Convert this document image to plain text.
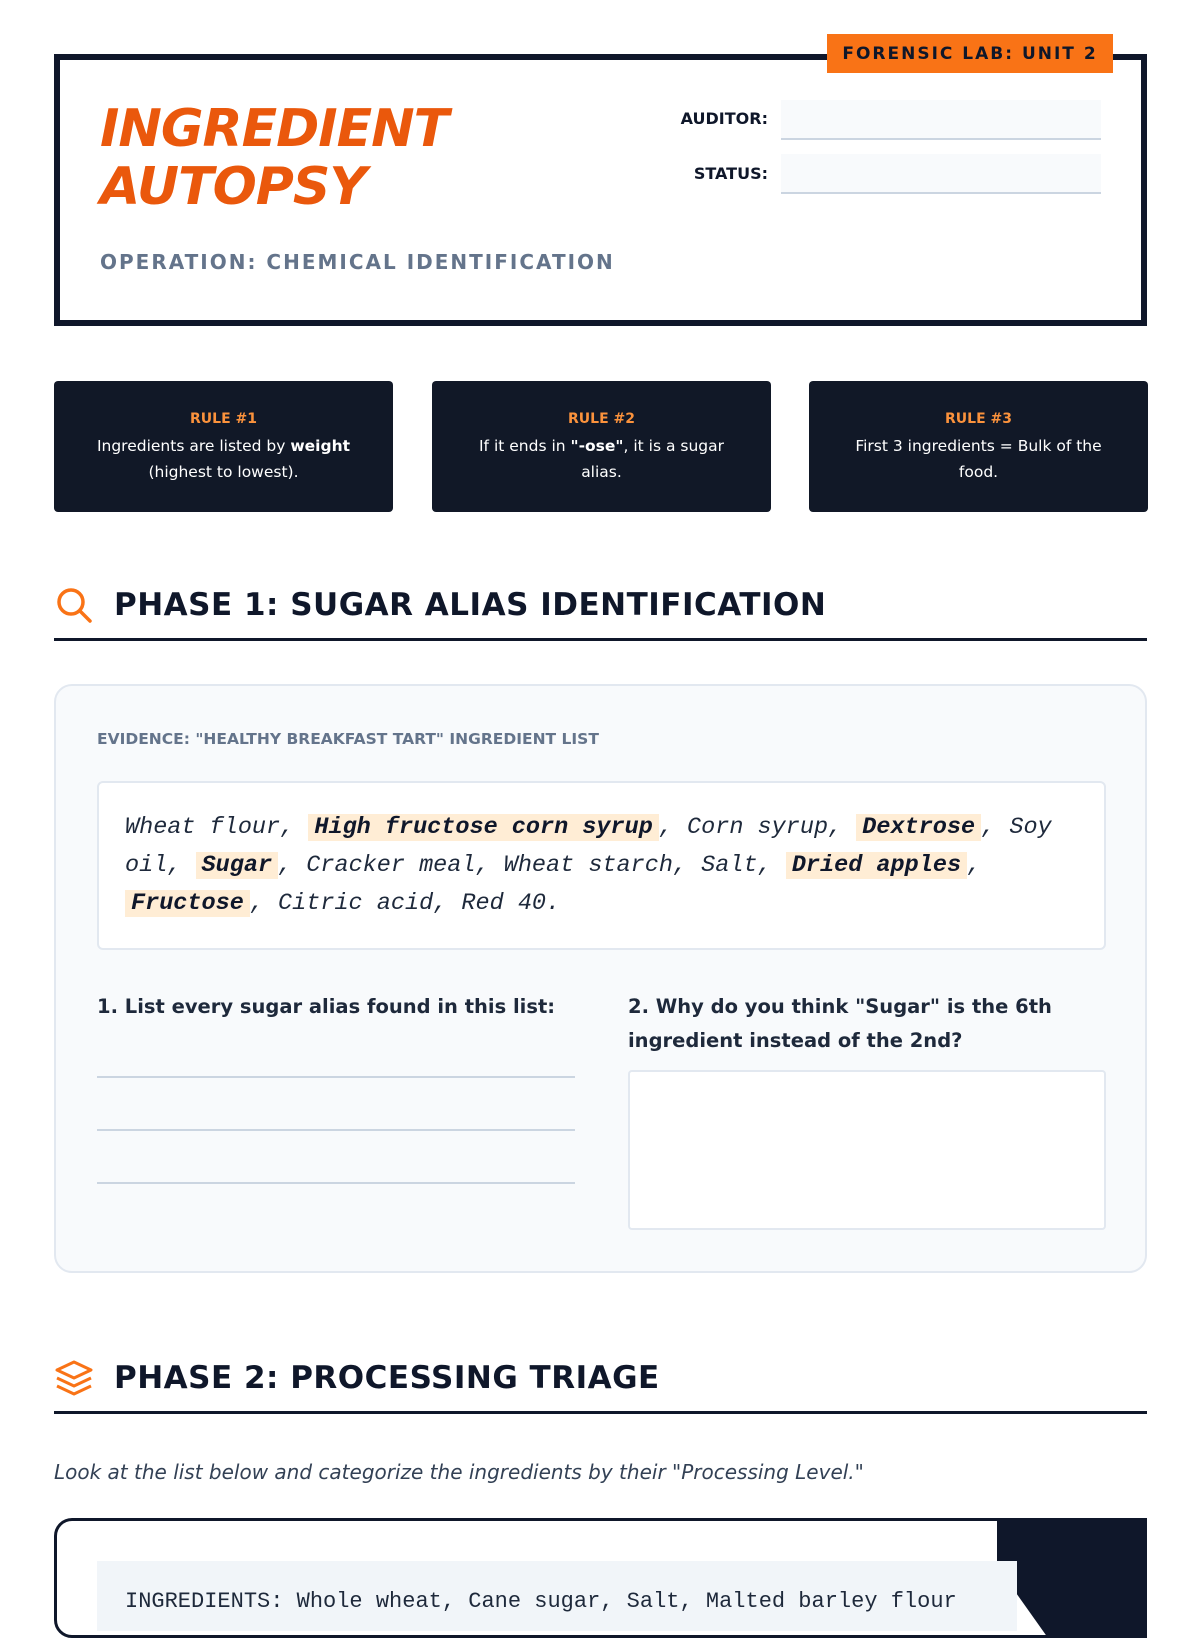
FORENSIC LAB: UNIT 2
INGREDIENT
AUTOPSY
OPERATION: CHEMICAL IDENTIFICATION
AUDITOR:
STATUS:
RULE #1
Ingredients are listed by weight (highest to lowest).
RULE #2
If it ends in "-ose", it is a sugar alias.
RULE #3
First 3 ingredients = Bulk of the food.
PHASE 1: SUGAR ALIAS IDENTIFICATION
EVIDENCE: "HEALTHY BREAKFAST TART" INGREDIENT LIST
Wheat flour, High fructose corn syrup , Corn syrup, Dextrose , Soy oil, Sugar , Cracker meal, Wheat starch, Salt, Dried apples , Fructose , Citric acid, Red 40.
1. List every sugar alias found in this list:	2. Why do you think "Sugar" is the 6th ingredient instead of the 2nd?
PHASE 2: PROCESSING TRIAGE
Look at the list below and categorize the ingredients by their "Processing Level."
INGREDIENTS: Whole wheat, Cane sugar, Salt, Malted barley flour
